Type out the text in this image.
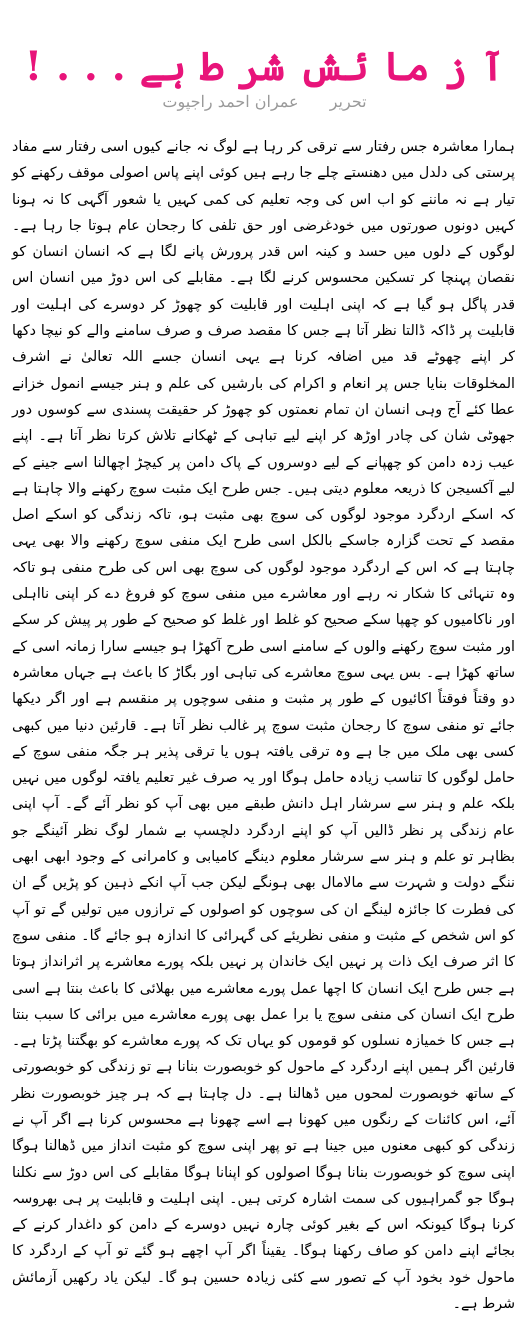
آ ز ما ئش شر ط ہے . . . !
تحریر عمران احمد راجپوت

ہمارا معاشرہ جس رفتار سے ترقی کر رہا ہے لوگ نہ جانے کیوں اسی رفتار سے مفاد پرستی کی دلدل میں دھنستے چلے جا رہے ہیں کوئی اپنے پاس اصولی موقف رکھنے کو تیار ہے نہ ماننے کو اب اس کی وجہ تعلیم کی کمی کہیں یا شعور آگہی کا نہ ہونا کہیں دونوں صورتوں میں خودغرضی اور حق تلفی کا رجحان عام ہوتا جا رہا ہے۔ لوگوں کے دلوں میں حسد و کینہ اس قدر پرورش پانے لگا ہے کہ انسان انسان کو نقصان پہنچا کر تسکین محسوس کرنے لگا ہے۔ مقابلے کی اس دوڑ میں انسان اس قدر پاگل ہو گیا ہے کہ اپنی اہلیت اور قابلیت کو چھوڑ کر دوسرے کی اہلیت اور قابلیت پر ڈاکہ ڈالتا نظر آتا ہے جس کا مقصد صرف و صرف سامنے والے کو نیچا دکھا کر اپنے چھوٹے قد میں اضافہ کرنا ہے یہی انسان جسے اللہ تعالیٰ نے اشرف المخلوقات بنایا جس پر انعام و اکرام کی بارشیں کی علم و ہنر جیسے انمول خزانے عطا کئے آج وہی انسان ان تمام نعمتوں کو چھوڑ کر حقیقت پسندی سے کوسوں دور جھوٹی شان کی چادر اوڑھ کر اپنے لیے تباہی کے ٹھکانے تلاش کرتا نظر آتا ہے۔ اپنے عیب زدہ دامن کو چھپانے کے لیے دوسروں کے پاک دامن پر کیچڑ اچھالنا اسے جینے کے لیے آکسیجن کا ذریعہ معلوم دیتی ہیں۔ جس طرح ایک مثبت سوچ رکھنے والا چاہتا ہے کہ اسکے اردگرد موجود لوگوں کی سوچ بھی مثبت ہو، تاکہ زندگی کو اسکے اصل مقصد کے تحت گزارہ جاسکے بالکل اسی طرح ایک منفی سوچ رکھنے والا بھی یہی چاہتا ہے کہ اس کے اردگرد موجود لوگوں کی سوچ بھی اس کی طرح منفی ہو تاکہ وہ تنہائی کا شکار نہ رہے اور معاشرے میں منفی سوچ کو فروغ دے کر اپنی نااہلی اور ناکامیوں کو چھپا سکے صحیح کو غلط اور غلط کو صحیح کے طور پر پیش کر سکے اور مثبت سوچ رکھنے والوں کے سامنے اسی طرح آکھڑا ہو جیسے سارا زمانہ اسی کے ساتھ کھڑا ہے۔ بس یہی سوچ معاشرے کی تباہی اور بگاڑ کا باعث ہے جہاں معاشرہ دو وقتاً فوقتاً اکائیوں کے طور پر مثبت و منفی سوچوں پر منقسم ہے اور اگر دیکھا جائے تو منفی سوچ کا رجحان مثبت سوچ پر غالب نظر آتا ہے۔ قارئین دنیا میں کبھی کسی بھی ملک میں جا ہے وہ ترقی یافتہ ہوں یا ترقی پذیر ہر جگہ منفی سوچ کے حامل لوگوں کا تناسب زیادہ حامل ہوگا اور یہ صرف غیر تعلیم یافتہ لوگوں میں نہیں بلکہ علم و ہنر سے سرشار اہل دانش طبقے میں بھی آپ کو نظر آئے گے۔ آپ اپنی عام زندگی پر نظر ڈالیں آپ کو اپنے اردگرد دلچسپ بے شمار لوگ نظر آئینگے جو بظاہر تو علم و ہنر سے سرشار معلوم دینگے کامیابی و کامرانی کے وجود ابھی ابھی ننگے دولت و شہرت سے مالامال بھی ہونگے لیکن جب آپ انکے ذہین کو پڑیں گے ان کی فطرت کا جائزہ لینگے ان کی سوچوں کو اصولوں کے ترازوں میں تولیں گے تو آپ کو اس شخص کے مثبت و منفی نظریئے کی گہرائی کا اندازہ ہو جائے گا۔ منفی سوچ کا اثر صرف ایک ذات پر نہیں ایک خاندان پر نہیں بلکہ پورے معاشرے پر اثرانداز ہوتا ہے جس طرح ایک انسان کا اچھا عمل پورے معاشرے میں بھلائی کا باعث بنتا ہے اسی طرح ایک انسان کی منفی سوچ یا برا عمل بھی پورے معاشرے میں برائی کا سبب بنتا ہے جس کا خمیازہ نسلوں کو قوموں کو یہاں تک کہ پورے معاشرے کو بھگتنا پڑتا ہے۔ قارئین اگر ہمیں اپنے اردگرد کے ماحول کو خوبصورت بنانا ہے تو زندگی کو خوبصورتی کے ساتھ خوبصورت لمحوں میں ڈھالنا ہے۔ دل چاہتا ہے کہ ہر چیز خوبصورت نظر آئے، اس کائنات کے رنگوں میں کھونا ہے اسے چھونا ہے محسوس کرنا ہے اگر آپ نے زندگی کو کبھی معنوں میں جینا ہے تو پھر اپنی سوچ کو مثبت انداز میں ڈھالنا ہوگا اپنی سوچ کو خوبصورت بنانا ہوگا اصولوں کو اپنانا ہوگا مقابلے کی اس دوڑ سے نکلنا ہوگا جو گمراہیوں کی سمت اشارہ کرتی ہیں۔ اپنی اہلیت و قابلیت پر ہی بھروسہ کرنا ہوگا کیونکہ اس کے بغیر کوئی چارہ نہیں دوسرے کے دامن کو داغدار کرنے کے بجائے اپنے دامن کو صاف رکھنا ہوگا۔ یقیناً اگر آپ اچھے ہو گئے تو آپ کے اردگرد کا ماحول خود بخود آپ کے تصور سے کئی زیادہ حسین ہو گا۔ لیکن یاد رکھیں آزمائش شرط ہے۔
